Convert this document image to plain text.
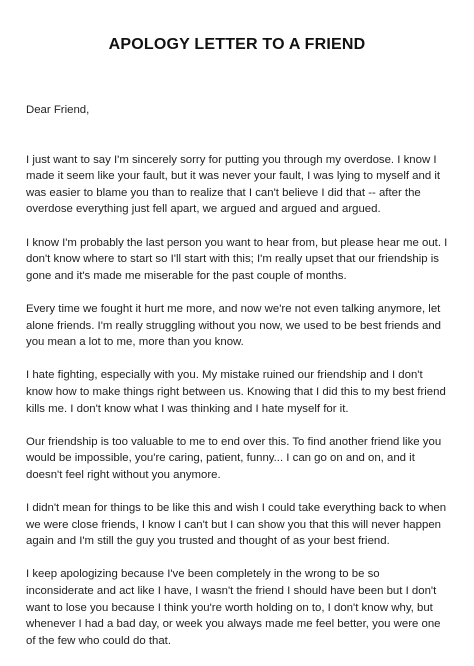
APOLOGY LETTER TO A FRIEND

Dear Friend,

I just want to say I'm sincerely sorry for putting you through my overdose. I know I made it seem like your fault, but it was never your fault, I was lying to myself and it was easier to blame you than to realize that I can't believe I did that -- after the overdose everything just fell apart, we argued and argued and argued.

I know I'm probably the last person you want to hear from, but please hear me out. I don't know where to start so I'll start with this; I'm really upset that our friendship is gone and it's made me miserable for the past couple of months.

Every time we fought it hurt me more, and now we're not even talking anymore, let alone friends. I'm really struggling without you now, we used to be best friends and you mean a lot to me, more than you know.

I hate fighting, especially with you. My mistake ruined our friendship and I don't know how to make things right between us. Knowing that I did this to my best friend kills me. I don't know what I was thinking and I hate myself for it.

Our friendship is too valuable to me to end over this. To find another friend like you would be impossible, you're caring, patient, funny... I can go on and on, and it doesn't feel right without you anymore.

I didn't mean for things to be like this and wish I could take everything back to when we were close friends, I know I can't but I can show you that this will never happen again and I'm still the guy you trusted and thought of as your best friend.

I keep apologizing because I've been completely in the wrong to be so inconsiderate and act like I have, I wasn't the friend I should have been but I don't want to lose you because I think you're worth holding on to, I don't know why, but whenever I had a bad day, or week you always made me feel better, you were one of the few who could do that.
